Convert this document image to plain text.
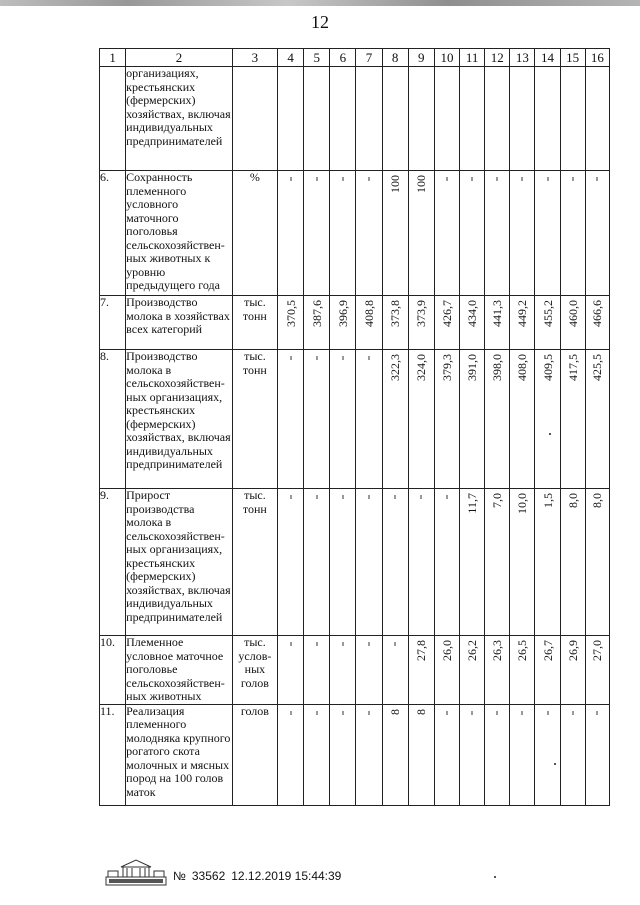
12
1	2	3	4	5	6	7	8	9	10	11	12	13	14	15	16
	организациях, крестьянских (фермерских) хозяйствах, включая индивидуальных предпринимателей														
6.	Сохранность племенного условного маточного поголовья сельскохозяйствен-ных животных к уровню предыдущего года	%					100	100							

7.	Производство молока в хозяйствах всех категорий	тыс. тонн	370,5	387,6	396,9	408,8	373,8	373,9	426,7	434,0	441,3	449,2	455,2	460,0	466,6

8.	Производство молока в сельскохозяйствен-ных организациях, крестьянских (фермерских) хозяйствах, включая индивидуальных предпринимателей	тыс. тонн					322,3	324,0	379,3	391,0	398,0	408,0	409,5	417,5	425,5

9.	Прирост производства молока в сельскохозяйствен-ных организациях, крестьянских (фермерских) хозяйствах, включая индивидуальных предпринимателей	тыс. тонн								11,7	7,0	10,0	1,5	8,0	8,0

10.	Племенное условное маточное поголовье сельскохозяйствен-ных животных	тыс. услов-ных голов						27,8	26,0	26,2	26,3	26,5	26,7	26,9	27,0

11.	Реализация племенного молодняка крупного рогатого скота молочных и мясных пород на 100 голов маток	голов					8	8							

№ 33562 12.12.2019 15:44:39
